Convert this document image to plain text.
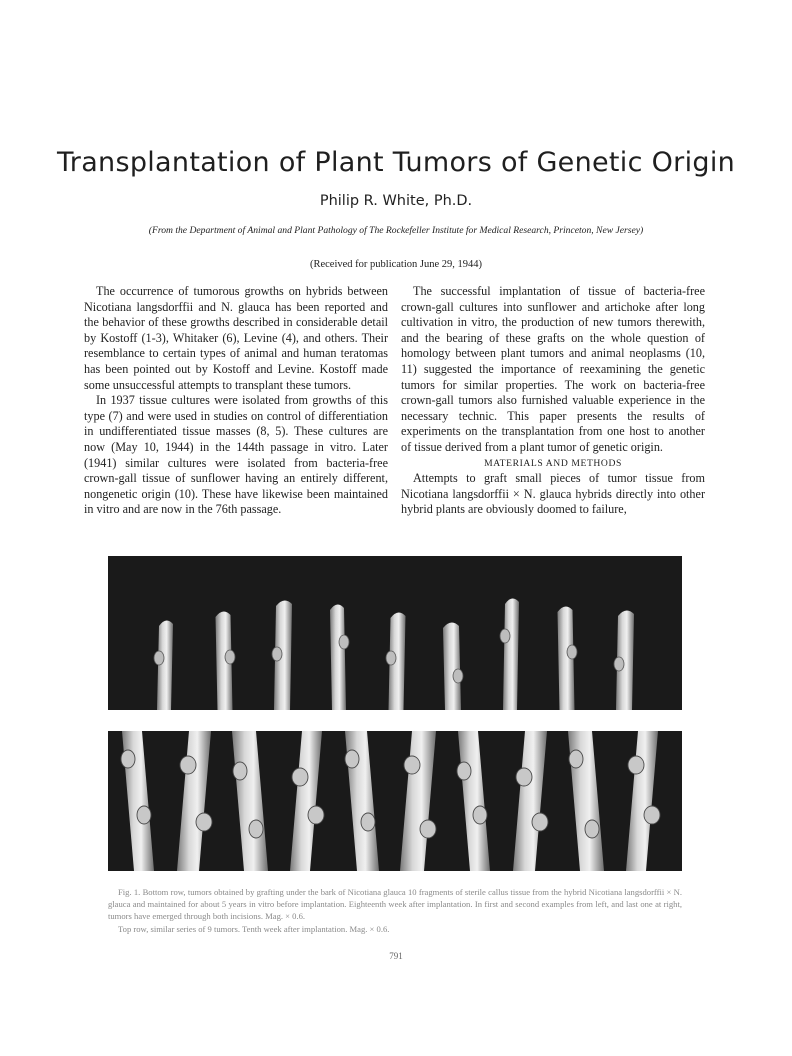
Transplantation of Plant Tumors of Genetic Origin
Philip R. White, Ph.D.
(From the Department of Animal and Plant Pathology of The Rockefeller Institute for Medical Research, Princeton, New Jersey)
(Received for publication June 29, 1944)

The occurrence of tumorous growths on hybrids between Nicotiana langsdorffii and N. glauca has been reported and the behavior of these growths described in considerable detail by Kostoff (1-3), Whitaker (6), Levine (4), and others. Their resemblance to certain types of animal and human teratomas has been pointed out by Kostoff and Levine. Kostoff made some unsuccessful attempts to transplant these tumors.

In 1937 tissue cultures were isolated from growths of this type (7) and were used in studies on control of differentiation in undifferentiated tissue masses (8, 5). These cultures are now (May 10, 1944) in the 144th passage in vitro. Later (1941) similar cultures were isolated from bacteria-free crown-gall tissue of sunflower having an entirely different, nongenetic origin (10). These have likewise been maintained in vitro and are now in the 76th passage.

The successful implantation of tissue of bacteria-free crown-gall cultures into sunflower and artichoke after long cultivation in vitro, the production of new tumors therewith, and the bearing of these grafts on the whole question of homology between plant tumors and animal neoplasms (10, 11) suggested the importance of reexamining the genetic tumors for similar properties. The work on bacteria-free crown-gall tumors also furnished valuable experience in the necessary technic. This paper presents the results of experiments on the transplantation from one host to another of tissue derived from a plant tumor of genetic origin.

MATERIALS AND METHODS

Attempts to graft small pieces of tumor tissue from Nicotiana langsdorffii × N. glauca hybrids directly into other hybrid plants are obviously doomed to failure,

Fig. 1. Bottom row, tumors obtained by grafting under the bark of Nicotiana glauca 10 fragments of sterile callus tissue from the hybrid Nicotiana langsdorffii × N. glauca and maintained for about 5 years in vitro before implantation. Eighteenth week after implantation. In first and second examples from left, and last one at right, tumors have emerged through both incisions. Mag. × 0.6.

Top row, similar series of 9 tumors. Tenth week after implantation. Mag. × 0.6.

791
